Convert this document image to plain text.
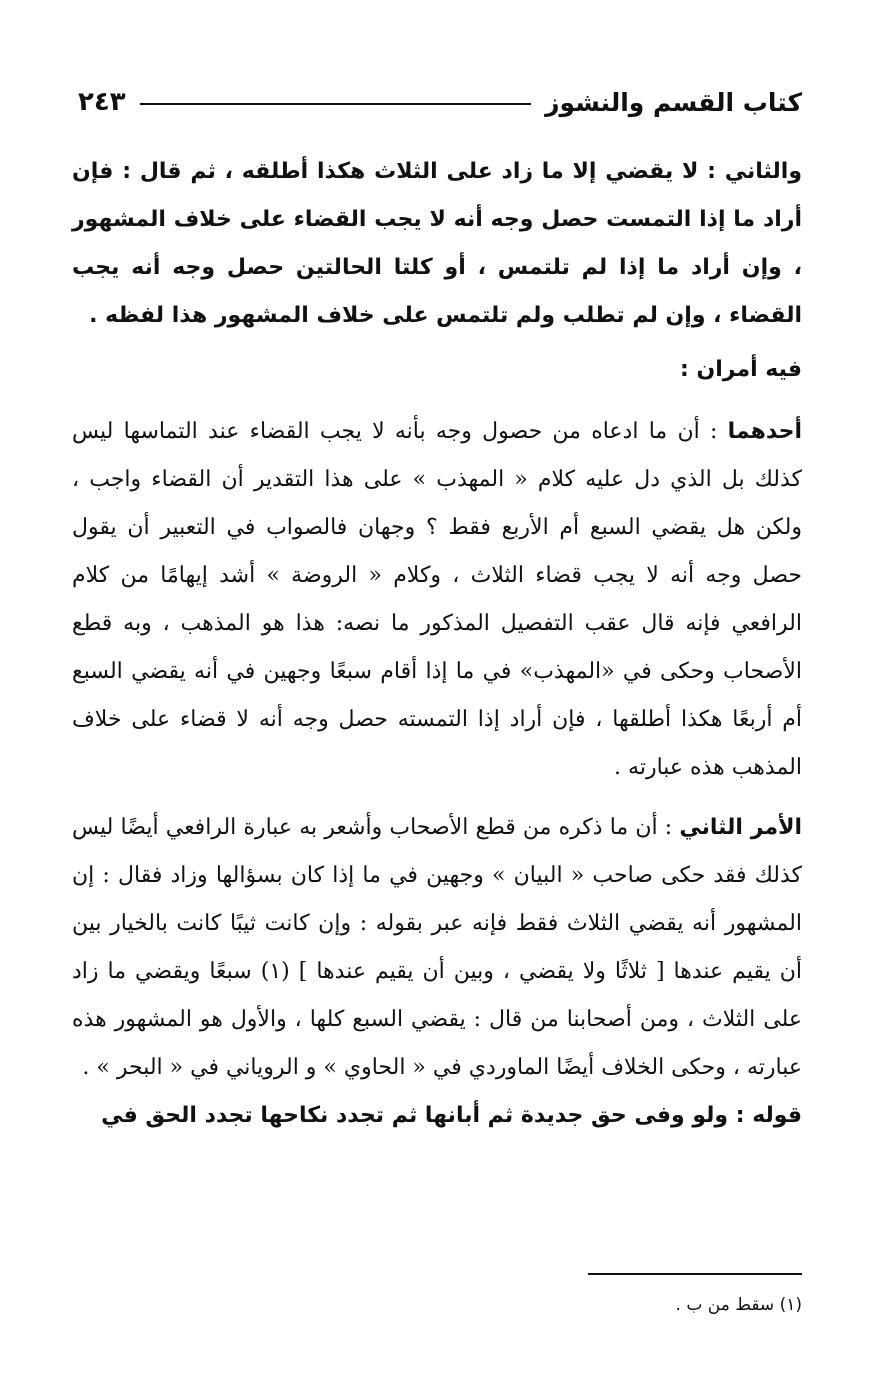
كتاب القسم والنشوز
٢٤٣

والثاني : لا يقضي إلا ما زاد على الثلاث هكذا أطلقه ، ثم قال : فإن أراد ما إذا التمست حصل وجه أنه لا يجب القضاء على خلاف المشهور ، وإن أراد ما إذا لم تلتمس ، أو كلتا الحالتين حصل وجه أنه يجب القضاء ، وإن لم تطلب ولم تلتمس على خلاف المشهور هذا لفظه .

فيه أمران :

أحدهما : أن ما ادعاه من حصول وجه بأنه لا يجب القضاء عند التماسها ليس كذلك بل الذي دل عليه كلام « المهذب » على هذا التقدير أن القضاء واجب ، ولكن هل يقضي السبع أم الأربع فقط ؟ وجهان فالصواب في التعبير أن يقول حصل وجه أنه لا يجب قضاء الثلاث ، وكلام « الروضة » أشد إيهامًا من كلام الرافعي فإنه قال عقب التفصيل المذكور ما نصه: هذا هو المذهب ، وبه قطع الأصحاب وحكى في «المهذب» في ما إذا أقام سبعًا وجهين في أنه يقضي السبع أم أربعًا هكذا أطلقها ، فإن أراد إذا التمسته حصل وجه أنه لا قضاء على خلاف المذهب هذه عبارته .

الأمر الثاني : أن ما ذكره من قطع الأصحاب وأشعر به عبارة الرافعي أيضًا ليس كذلك فقد حكى صاحب « البيان » وجهين في ما إذا كان بسؤالها وزاد فقال : إن المشهور أنه يقضي الثلاث فقط فإنه عبر بقوله : وإن كانت ثيبًا كانت بالخيار بين أن يقيم عندها [ ثلاثًا ولا يقضي ، وبين أن يقيم عندها ] (١) سبعًا ويقضي ما زاد على الثلاث ، ومن أصحابنا من قال : يقضي السبع كلها ، والأول هو المشهور هذه عبارته ، وحكى الخلاف أيضًا الماوردي في « الحاوي » و الروياني في « البحر » .

قوله : ولو وفى حق جديدة ثم أبانها ثم تجدد نكاحها تجدد الحق في

(١) سقط من ب .
